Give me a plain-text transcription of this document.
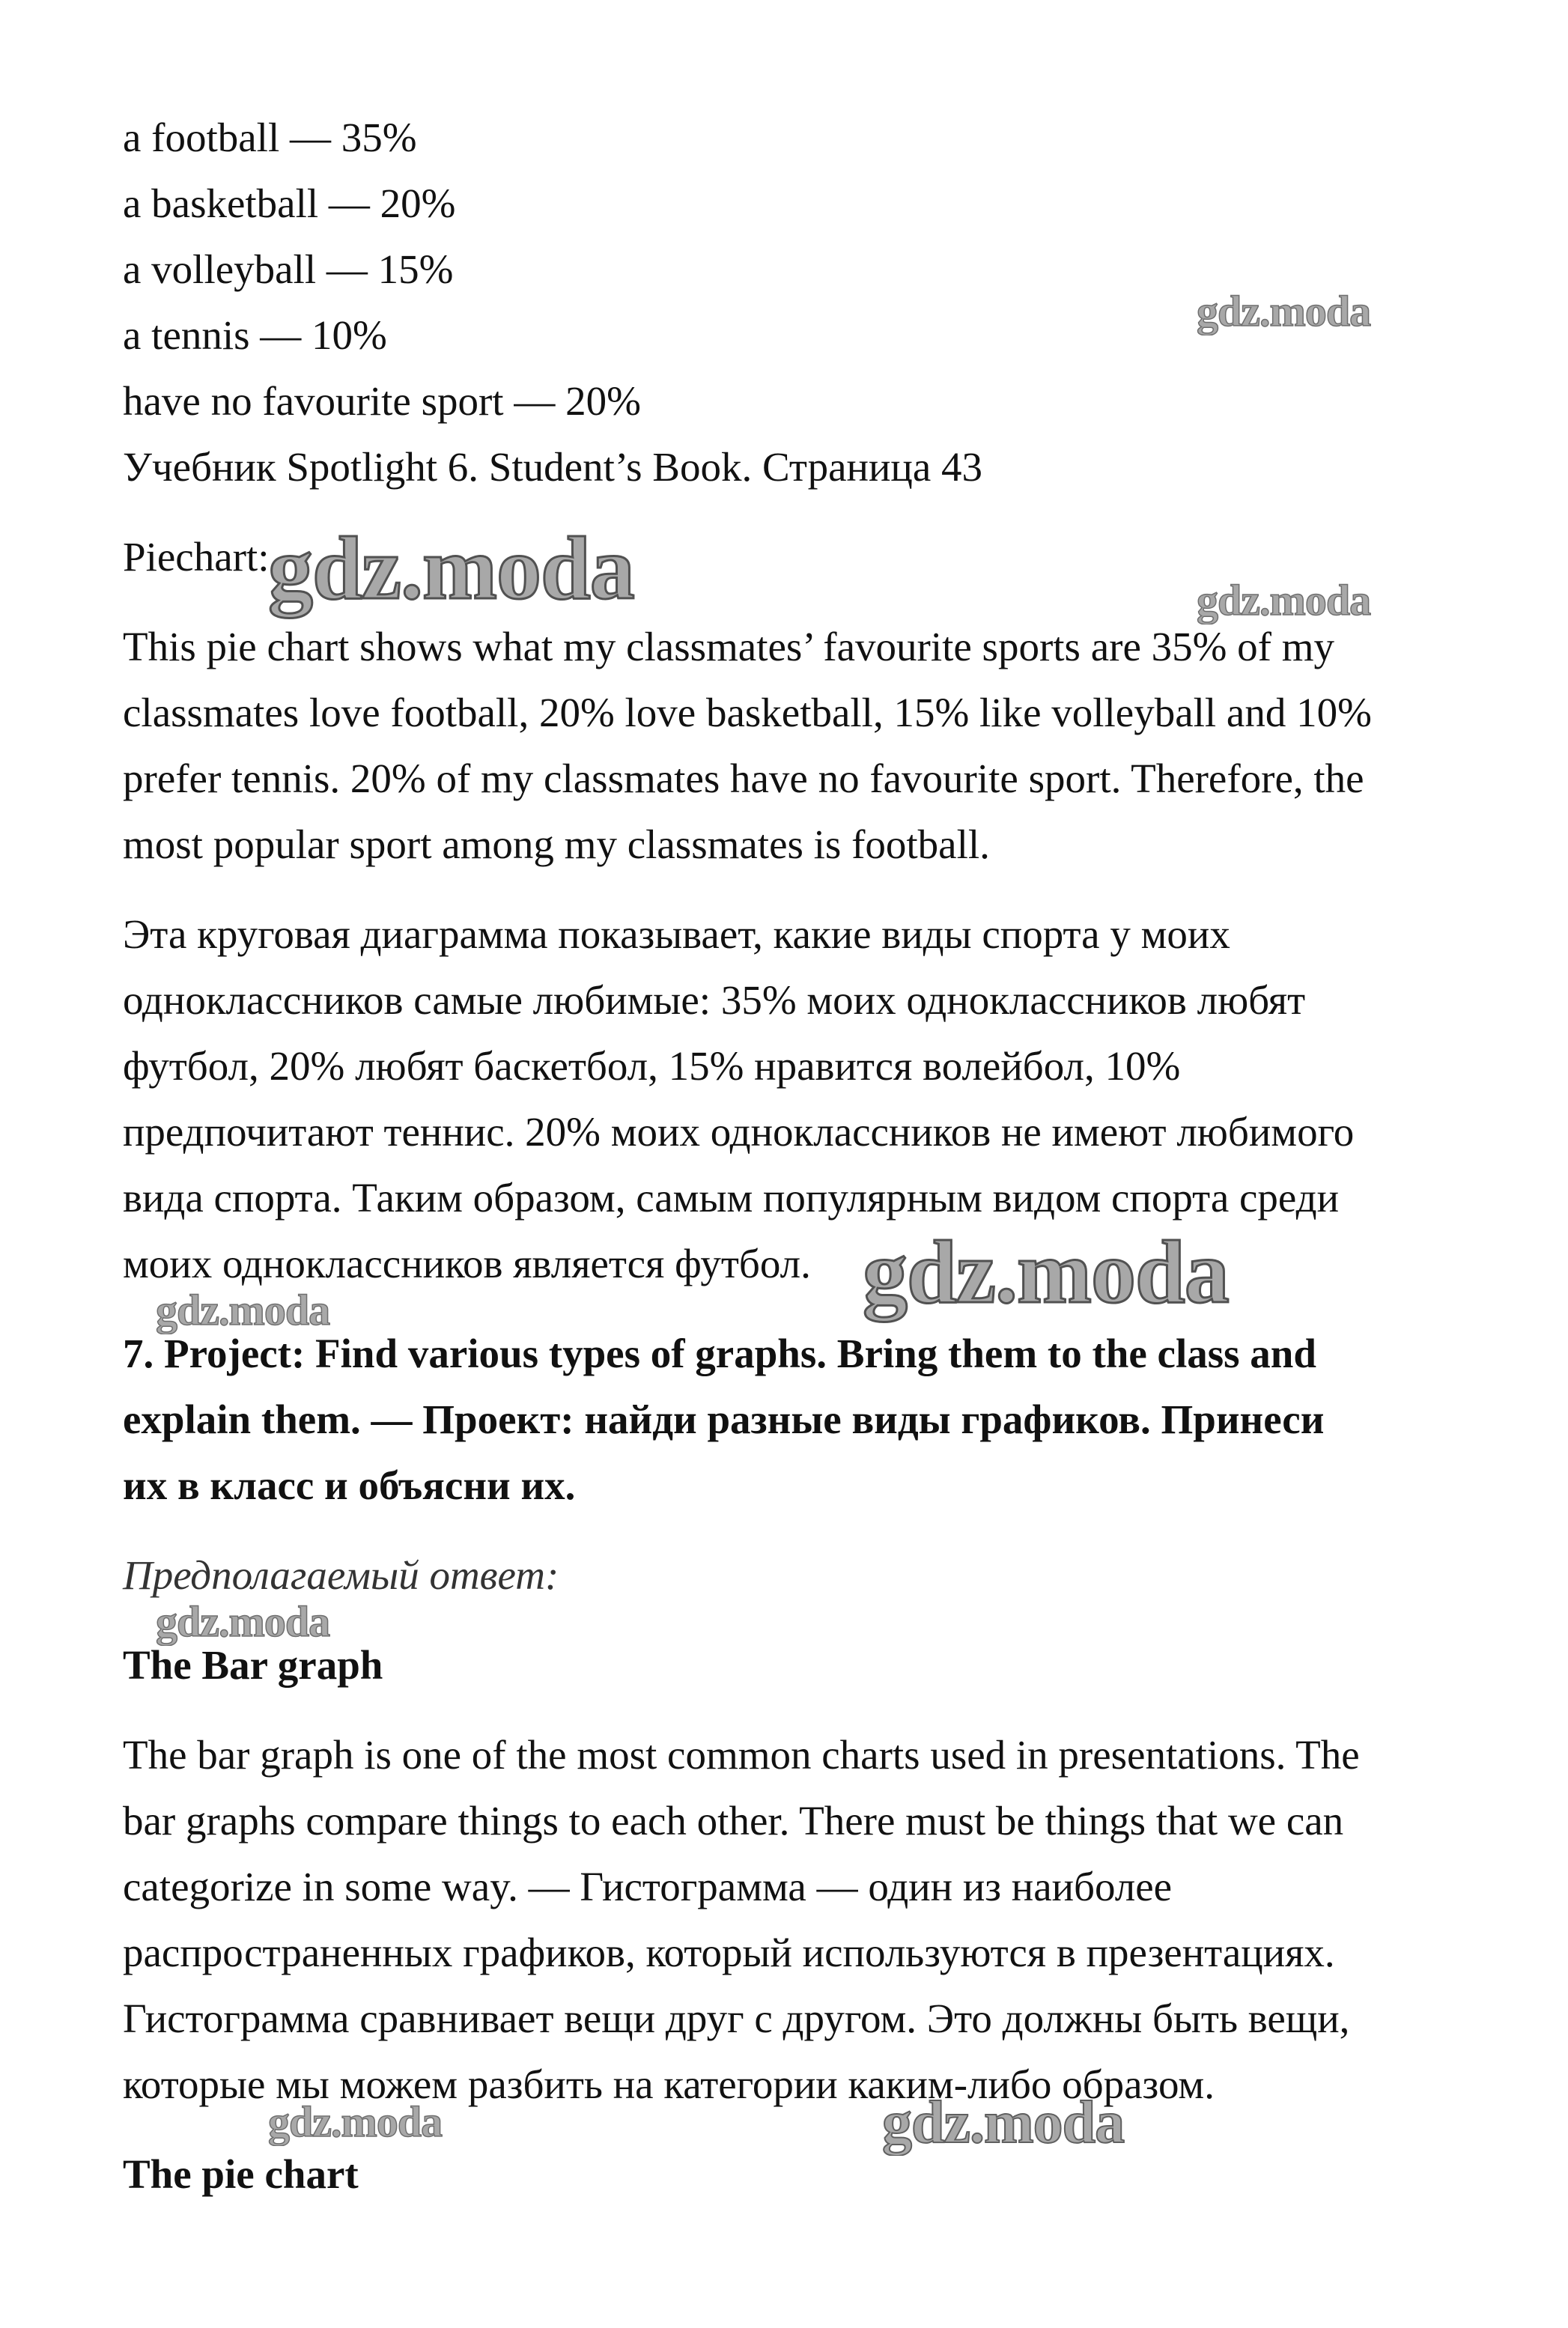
a football — 35%
a basketball — 20%
a volleyball — 15%
a tennis — 10%
have no favourite sport — 20%
Учебник Spotlight 6. Student’s Book. Страница 43
Piechart:
This pie chart shows what my classmates’ favourite sports are 35% of my
classmates love football, 20% love basketball, 15% like volleyball and 10%
prefer tennis. 20% of my classmates have no favourite sport. Therefore, the
most popular sport among my classmates is football.
Эта круговая диаграмма показывает, какие виды спорта у моих
одноклассников самые любимые: 35% моих одноклассников любят
футбол, 20% любят баскетбол, 15% нравится волейбол, 10%
предпочитают теннис. 20% моих одноклассников не имеют любимого
вида спорта. Таким образом, самым популярным видом спорта среди
моих одноклассников является футбол.
7. Project: Find various types of graphs. Bring them to the class and
explain them. — Проект: найди разные виды графиков. Принеси
их в класс и объясни их.
Предполагаемый ответ:
The Bar graph
The bar graph is one of the most common charts used in presentations. The
bar graphs compare things to each other. There must be things that we can
categorize in some way. — Гистограмма — один из наиболее
распространенных графиков, который используются в презентациях.
Гистограмма сравнивает вещи друг с другом. Это должны быть вещи,
которые мы можем разбить на категории каким-либо образом.
The pie chart
gdz.moda
gdz.moda	gdz.moda
gdz.moda
gdz.moda
gdz.moda
gdz.moda	gdz.moda
